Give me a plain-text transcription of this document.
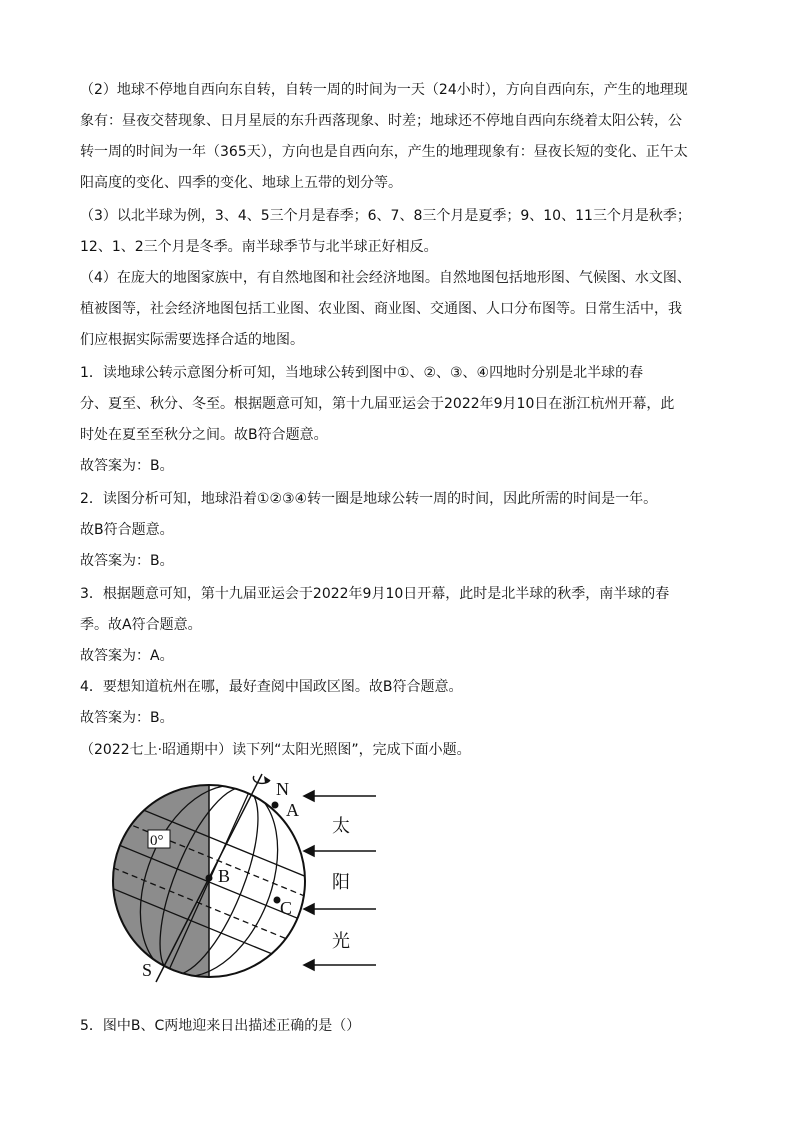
（2）地球不停地自西向东自转，自转一周的时间为一天（24小时），方向自西向东，产生的地理现
象有：昼夜交替现象、日月星辰的东升西落现象、时差；地球还不停地自西向东绕着太阳公转，公
转一周的时间为一年（365天），方向也是自西向东，产生的地理现象有：昼夜长短的变化、正午太
阳高度的变化、四季的变化、地球上五带的划分等。
（3）以北半球为例，3、4、5三个月是春季；6、7、8三个月是夏季；9、10、11三个月是秋季；
12、1、2三个月是冬季。南半球季节与北半球正好相反。
（4）在庞大的地图家族中，有自然地图和社会经济地图。自然地图包括地形图、气候图、水文图、
植被图等，社会经济地图包括工业图、农业图、商业图、交通图、人口分布图等。日常生活中，我
们应根据实际需要选择合适的地图。
1．读地球公转示意图分析可知，当地球公转到图中①、②、③、④四地时分别是北半球的春
分、夏至、秋分、冬至。根据题意可知，第十九届亚运会于2022年9月10日在浙江杭州开幕，此
时处在夏至至秋分之间。故B符合题意。
故答案为：B。
2．读图分析可知，地球沿着①②③④转一圈是地球公转一周的时间，因此所需的时间是一年。
故B符合题意。
故答案为：B。
3．根据题意可知，第十九届亚运会于2022年9月10日开幕，此时是北半球的秋季，南半球的春
季。故A符合题意。
故答案为：A。
4．要想知道杭州在哪，最好查阅中国政区图。故B符合题意。
故答案为：B。
（2022七上·昭通期中）读下列“太阳光照图”，完成下面小题。
0°
N
S
A
B
C
太
阳
光
5．图中B、C两地迎来日出描述正确的是（）
